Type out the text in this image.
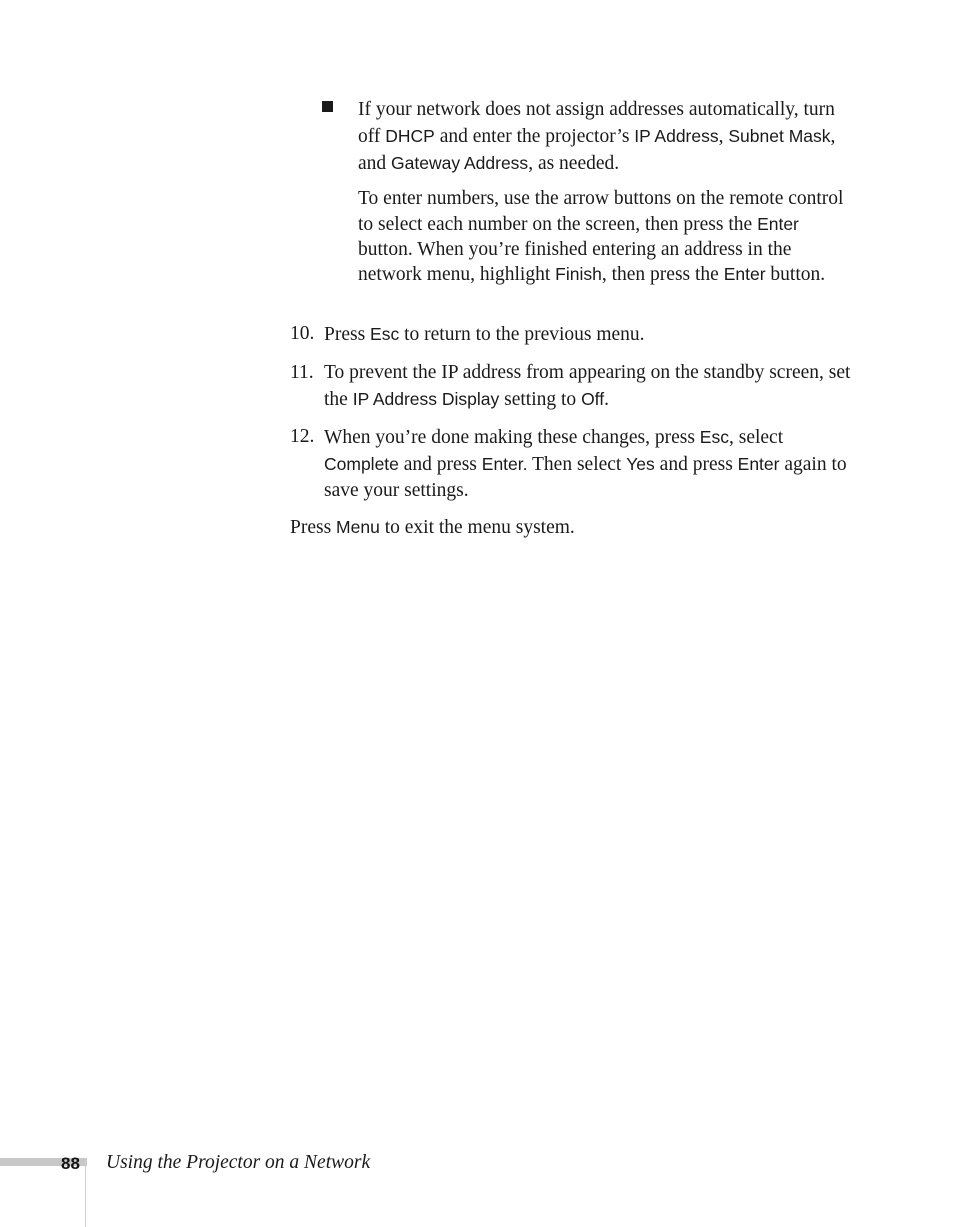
If your network does not assign addresses automatically, turn off DHCP and enter the projector’s IP Address, Subnet Mask, and Gateway Address, as needed.
To enter numbers, use the arrow buttons on the remote control to select each number on the screen, then press the Enter button. When you’re finished entering an address in the network menu, highlight Finish, then press the Enter button.
10. Press Esc to return to the previous menu.
11. To prevent the IP address from appearing on the standby screen, set the IP Address Display setting to Off.
12. When you’re done making these changes, press Esc, select Complete and press Enter. Then select Yes and press Enter again to save your settings.
Press Menu to exit the menu system.
88 Using the Projector on a Network
